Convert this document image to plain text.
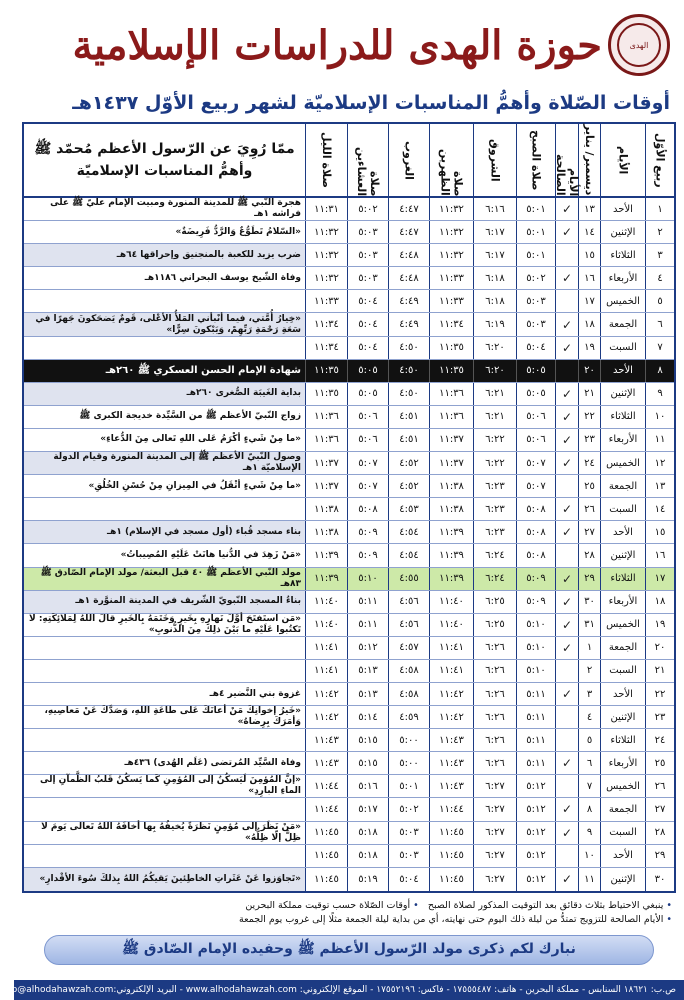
الهدى
حوزة الهدى للدراسات الإسلامية
أوقات الصّلاة وأهمُّ المناسبات الإسلاميّة لشهر ربيع الأوّل ١٤٣٧هـ
ربيع الأوّل
الأيام
ديسمبر/ يناير
الأيام الصالحة
صلاة الصبح
الشروق
صلاة الظهرين
الغروب
صلاة العشاءين
صلاة الليل
ممّا رُوِيَ عن الرّسول الأعظم مُحمّد ﷺ
وأهمُّ المناسبات الإسلاميّة
١
الأحد
١٣
✓
٥:٠١
٦:١٦
١١:٣٢
٤:٤٧
٥:٠٢
١١:٣١
هجرة النّبي ﷺ للمدينة المنورة ومبيت الإمام عليّ ﷺ على فراشه ١هـ
٢
الإثنين
١٤
✓
٥:٠١
٦:١٧
١١:٣٢
٤:٤٧
٥:٠٣
١١:٣٢
«السّلامُ تَطَوُّعٌ وَالرَّدُّ فَرِيضَةٌ»
٣
الثلاثاء
١٥
٥:٠١
٦:١٧
١١:٣٢
٤:٤٨
٥:٠٣
١١:٣٢
ضرب يزيد للكعبة بالمنجنيق وإحراقها ٦٤هـ
٤
الأربعاء
١٦
✓
٥:٠٢
٦:١٨
١١:٣٣
٤:٤٨
٥:٠٣
١١:٣٢
وفاة الشّيخ يوسف البحراني ١١٨٦هـ
٥
الخميس
١٧
٥:٠٣
٦:١٨
١١:٣٣
٤:٤٩
٥:٠٤
١١:٣٣
٦
الجمعة
١٨
✓
٥:٠٣
٦:١٩
١١:٣٤
٤:٤٩
٥:٠٤
١١:٣٤
«خِيارُ أُمَّتي، فيما أنْبأني المَلأُ الأعْلى، قَومٌ يَضحَكونَ جَهرًا في سَعَةِ رَحْمَةِ رَبِّهِمْ، وَيَبْكونَ سِرًّا»
٧
السبت
١٩
✓
٥:٠٤
٦:٢٠
١١:٣٥
٤:٥٠
٥:٠٤
١١:٣٤
٨
الأحد
٢٠
٥:٠٥
٦:٢٠
١١:٣٥
٤:٥٠
٥:٠٥
١١:٣٥
شهادة الإمام الحسن العسكري ﷺ ٢٦٠هـ
٩
الإثنين
٢١
✓
٥:٠٥
٦:٢١
١١:٣٦
٤:٥٠
٥:٠٥
١١:٣٥
بداية الغَيبَة الصُّغرى ٢٦٠هـ
١٠
الثلاثاء
٢٢
✓
٥:٠٦
٦:٢١
١١:٣٦
٤:٥١
٥:٠٦
١١:٣٦
زواج النّبيّ الأعظم ﷺ من السَّيِّدة خديجة الكبرى ﷺ
١١
الأربعاء
٢٣
✓
٥:٠٦
٦:٢٢
١١:٣٧
٤:٥١
٥:٠٦
١١:٣٦
«ما مِنْ شَيءٍ أكْرَمُ عَلى اللهِ تَعالى مِنَ الدُّعاءِ»
١٢
الخميس
٢٤
✓
٥:٠٧
٦:٢٢
١١:٣٧
٤:٥٢
٥:٠٧
١١:٣٧
وصول النّبيّ الأعظم ﷺ إلى المدينة المنورة وقيام الدولة الإسلاميّة ١هـ
١٣
الجمعة
٢٥
٥:٠٧
٦:٢٣
١١:٣٨
٤:٥٢
٥:٠٧
١١:٣٧
«ما مِنْ شَيءٍ أثْقَلُ في المِيزانِ مِنْ حُسْنِ الخُلُقِ»
١٤
السبت
٢٦
✓
٥:٠٨
٦:٢٣
١١:٣٨
٤:٥٣
٥:٠٨
١١:٣٨
١٥
الأحد
٢٧
✓
٥:٠٨
٦:٢٣
١١:٣٩
٤:٥٤
٥:٠٩
١١:٣٨
بناء مسجد قُباء (أول مسجد في الإسلام) ١هـ
١٦
الإثنين
٢٨
٥:٠٨
٦:٢٤
١١:٣٩
٤:٥٤
٥:٠٩
١١:٣٩
«مَنْ زَهِدَ في الدُّنيا هانَتْ عَلَيْهِ المُصِيباتُ»
١٧
الثلاثاء
٢٩
✓
٥:٠٩
٦:٢٤
١١:٣٩
٤:٥٥
٥:١٠
١١:٣٩
مولد النّبي الأعظم ﷺ ٤٠ قبل البعثة/ مولد الإمام الصّادق ﷺ ٨٣هـ
١٨
الأربعاء
٣٠
✓
٥:٠٩
٦:٢٥
١١:٤٠
٤:٥٦
٥:١١
١١:٤٠
بناءُ المسجد النّبويّ الشّريف في المدينة المنوَّرة ١هـ
١٩
الخميس
٣١
✓
٥:١٠
٦:٢٥
١١:٤٠
٤:٥٦
٥:١١
١١:٤٠
«مَن استَفتَحَ أوَّلَ نَهارِهِ بِخَيرٍ وَخَتَمَهُ بِالخَيرِ قالَ اللهُ لِمَلائِكَتِهِ: لا تَكتُبوا عَلَيْهِ ما بَيْنَ ذلِكَ مِنَ الذُّنوبِ»
٢٠
الجمعة
١
✓
٥:١٠
٦:٢٦
١١:٤١
٤:٥٧
٥:١٢
١١:٤١
٢١
السبت
٢
٥:١٠
٦:٢٦
١١:٤١
٤:٥٨
٥:١٣
١١:٤١
٢٢
الأحد
٣
✓
٥:١١
٦:٢٦
١١:٤٢
٤:٥٨
٥:١٣
١١:٤٢
غزوة بني النَّضير ٤هـ
٢٣
الإثنين
٤
٥:١١
٦:٢٦
١١:٤٢
٤:٥٩
٥:١٤
١١:٤٢
«خَيرُ إخوانِكَ مَنْ أعانَكَ عَلى طاعَةِ اللهِ، وَصَدَّكَ عَنْ مَعاصِيهِ، وَأمَرَكَ بِرِضاهُ»
٢٤
الثلاثاء
٥
٥:١١
٦:٢٦
١١:٤٣
٥:٠٠
٥:١٥
١١:٤٣
٢٥
الأربعاء
٦
✓
٥:١١
٦:٢٦
١١:٤٣
٥:٠٠
٥:١٥
١١:٤٣
وفاة السَّيِّد المُرتضى (عَلَم الهُدى) ٤٣٦هـ
٢٦
الخميس
٧
٥:١٢
٦:٢٧
١١:٤٣
٥:٠١
٥:١٦
١١:٤٤
«إنَّ المُؤمِنَ لَيَسكُنُ إلى المُؤمِنِ كَما يَسكُنُ قَلبُ الظَّمآنِ إلى الماءِ البارِدِ»
٢٧
الجمعة
٨
✓
٥:١٢
٦:٢٧
١١:٤٤
٥:٠٢
٥:١٧
١١:٤٤
٢٨
السبت
٩
✓
٥:١٢
٦:٢٧
١١:٤٥
٥:٠٣
٥:١٨
١١:٤٥
«مَنْ نَظَرَ إلى مُؤمِنٍ نَظرَةً يُخيفُهُ بِها أخافَهُ اللهُ تَعالى يَومَ لا ظِلَّ إلّا ظِلُّهُ»
٢٩
الأحد
١٠
٥:١٢
٦:٢٧
١١:٤٥
٥:٠٣
٥:١٨
١١:٤٥
٣٠
الإثنين
١١
✓
٥:١٢
٦:٢٧
١١:٤٥
٥:٠٤
٥:١٩
١١:٤٥
«تَجاوَزوا عَنْ عَثَراتِ الخاطِئينَ يَقيكُمُ اللهُ بِذلكَ سُوءَ الأقْدارِ»
•ينبغي الاحتياط بثلاث دقائق بعد التوقيت المذكور لصلاة الصبح   •أوقات الصّلاة حسب توقيت مملكة البحرين
•الأيام الصالحة للتزويج تمتدُّ من ليلة ذلك اليوم حتى نهايته، أي من بداية ليلة الجمعة مثلًا إلى غروب يوم الجمعة
نبارك لكم ذكرى مولد الرّسول الأعظم ﷺ وحفيده الإمام الصّادق ﷺ
ص.ب: ١٨٦٢١ السنابس - مملكة البحرين - هاتف: ١٧٥٥٥٤٨٧ - فاكس: ١٧٥٥٢١٩٦ - الموقع الإلكتروني: www.alhodahawzah.com - البريد الإلكتروني:
info@alhodahawzah.com
